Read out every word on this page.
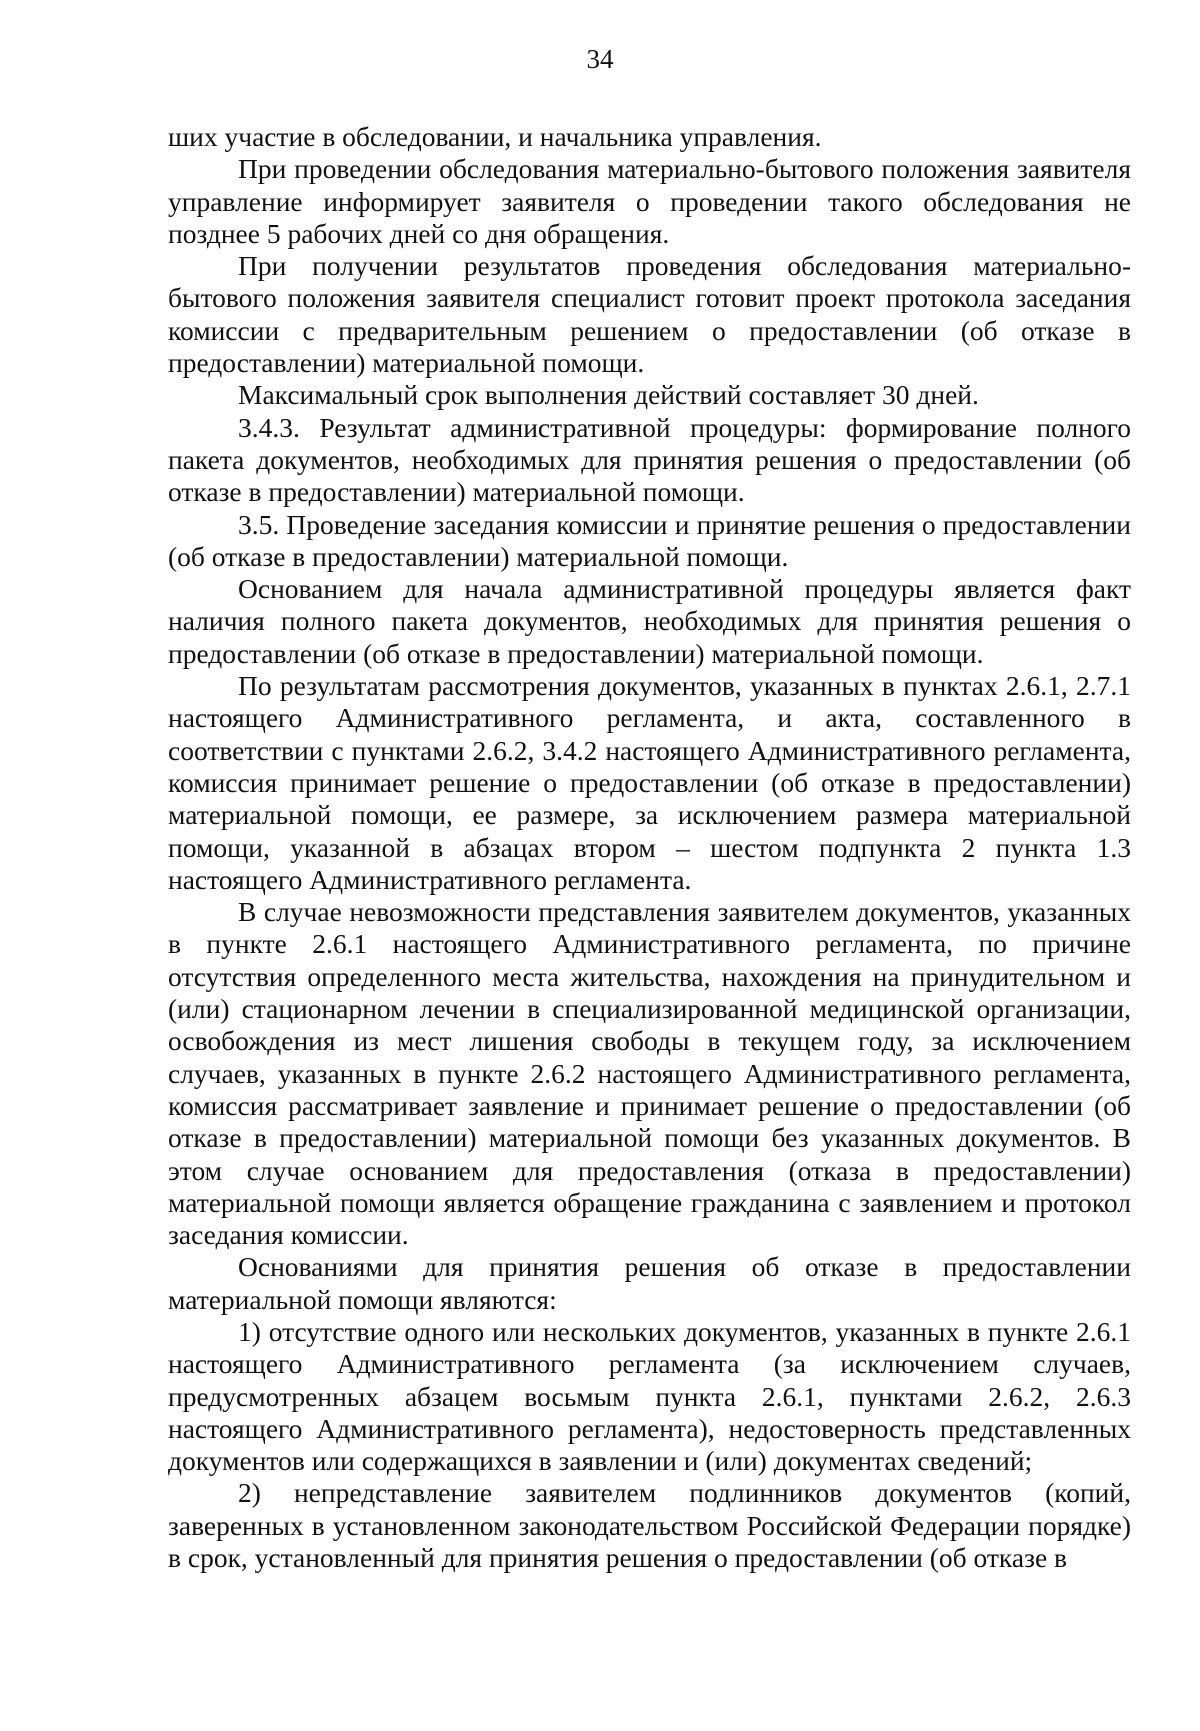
34

ших участие в обследовании, и начальника управления.

При проведении обследования материально-бытового положения заявителя управление информирует заявителя о проведении такого обследования не позднее 5 рабочих дней со дня обращения.

При получении результатов проведения обследования материально-бытового положения заявителя специалист готовит проект протокола заседания комиссии с предварительным решением о предоставлении (об отказе в предоставлении) материальной помощи.

Максимальный срок выполнения действий составляет 30 дней.

3.4.3. Результат административной процедуры: формирование полного пакета документов, необходимых для принятия решения о предоставлении (об отказе в предоставлении) материальной помощи.

3.5. Проведение заседания комиссии и принятие решения о предоставлении (об отказе в предоставлении) материальной помощи.

Основанием для начала административной процедуры является факт наличия полного пакета документов, необходимых для принятия решения о предоставлении (об отказе в предоставлении) материальной помощи.

По результатам рассмотрения документов, указанных в пунктах 2.6.1, 2.7.1 настоящего Административного регламента, и акта, составленного в соответствии с пунктами 2.6.2, 3.4.2 настоящего Административного регламента, комиссия принимает решение о предоставлении (об отказе в предоставлении) материальной помощи, ее размере, за исключением размера материальной помощи, указанной в абзацах втором – шестом подпункта 2 пункта 1.3 настоящего Административного регламента.

В случае невозможности представления заявителем документов, указанных в пункте 2.6.1 настоящего Административного регламента, по причине отсутствия определенного места жительства, нахождения на принудительном и (или) стационарном лечении в специализированной медицинской организации, освобождения из мест лишения свободы в текущем году, за исключением случаев, указанных в пункте 2.6.2 настоящего Административного регламента, комиссия рассматривает заявление и принимает решение о предоставлении (об отказе в предоставлении) материальной помощи без указанных документов. В этом случае основанием для предоставления (отказа в предоставлении) материальной помощи является обращение гражданина с заявлением и протокол заседания комиссии.

Основаниями для принятия решения об отказе в предоставлении материальной помощи являются:

1) отсутствие одного или нескольких документов, указанных в пункте 2.6.1 настоящего Административного регламента (за исключением случаев, предусмотренных абзацем восьмым пункта 2.6.1, пунктами 2.6.2, 2.6.3 настоящего Административного регламента), недостоверность представленных документов или содержащихся в заявлении и (или) документах сведений;

2) непредставление заявителем подлинников документов (копий, заверенных в установленном законодательством Российской Федерации порядке) в срок, установленный для принятия решения о предоставлении (об отказе в
